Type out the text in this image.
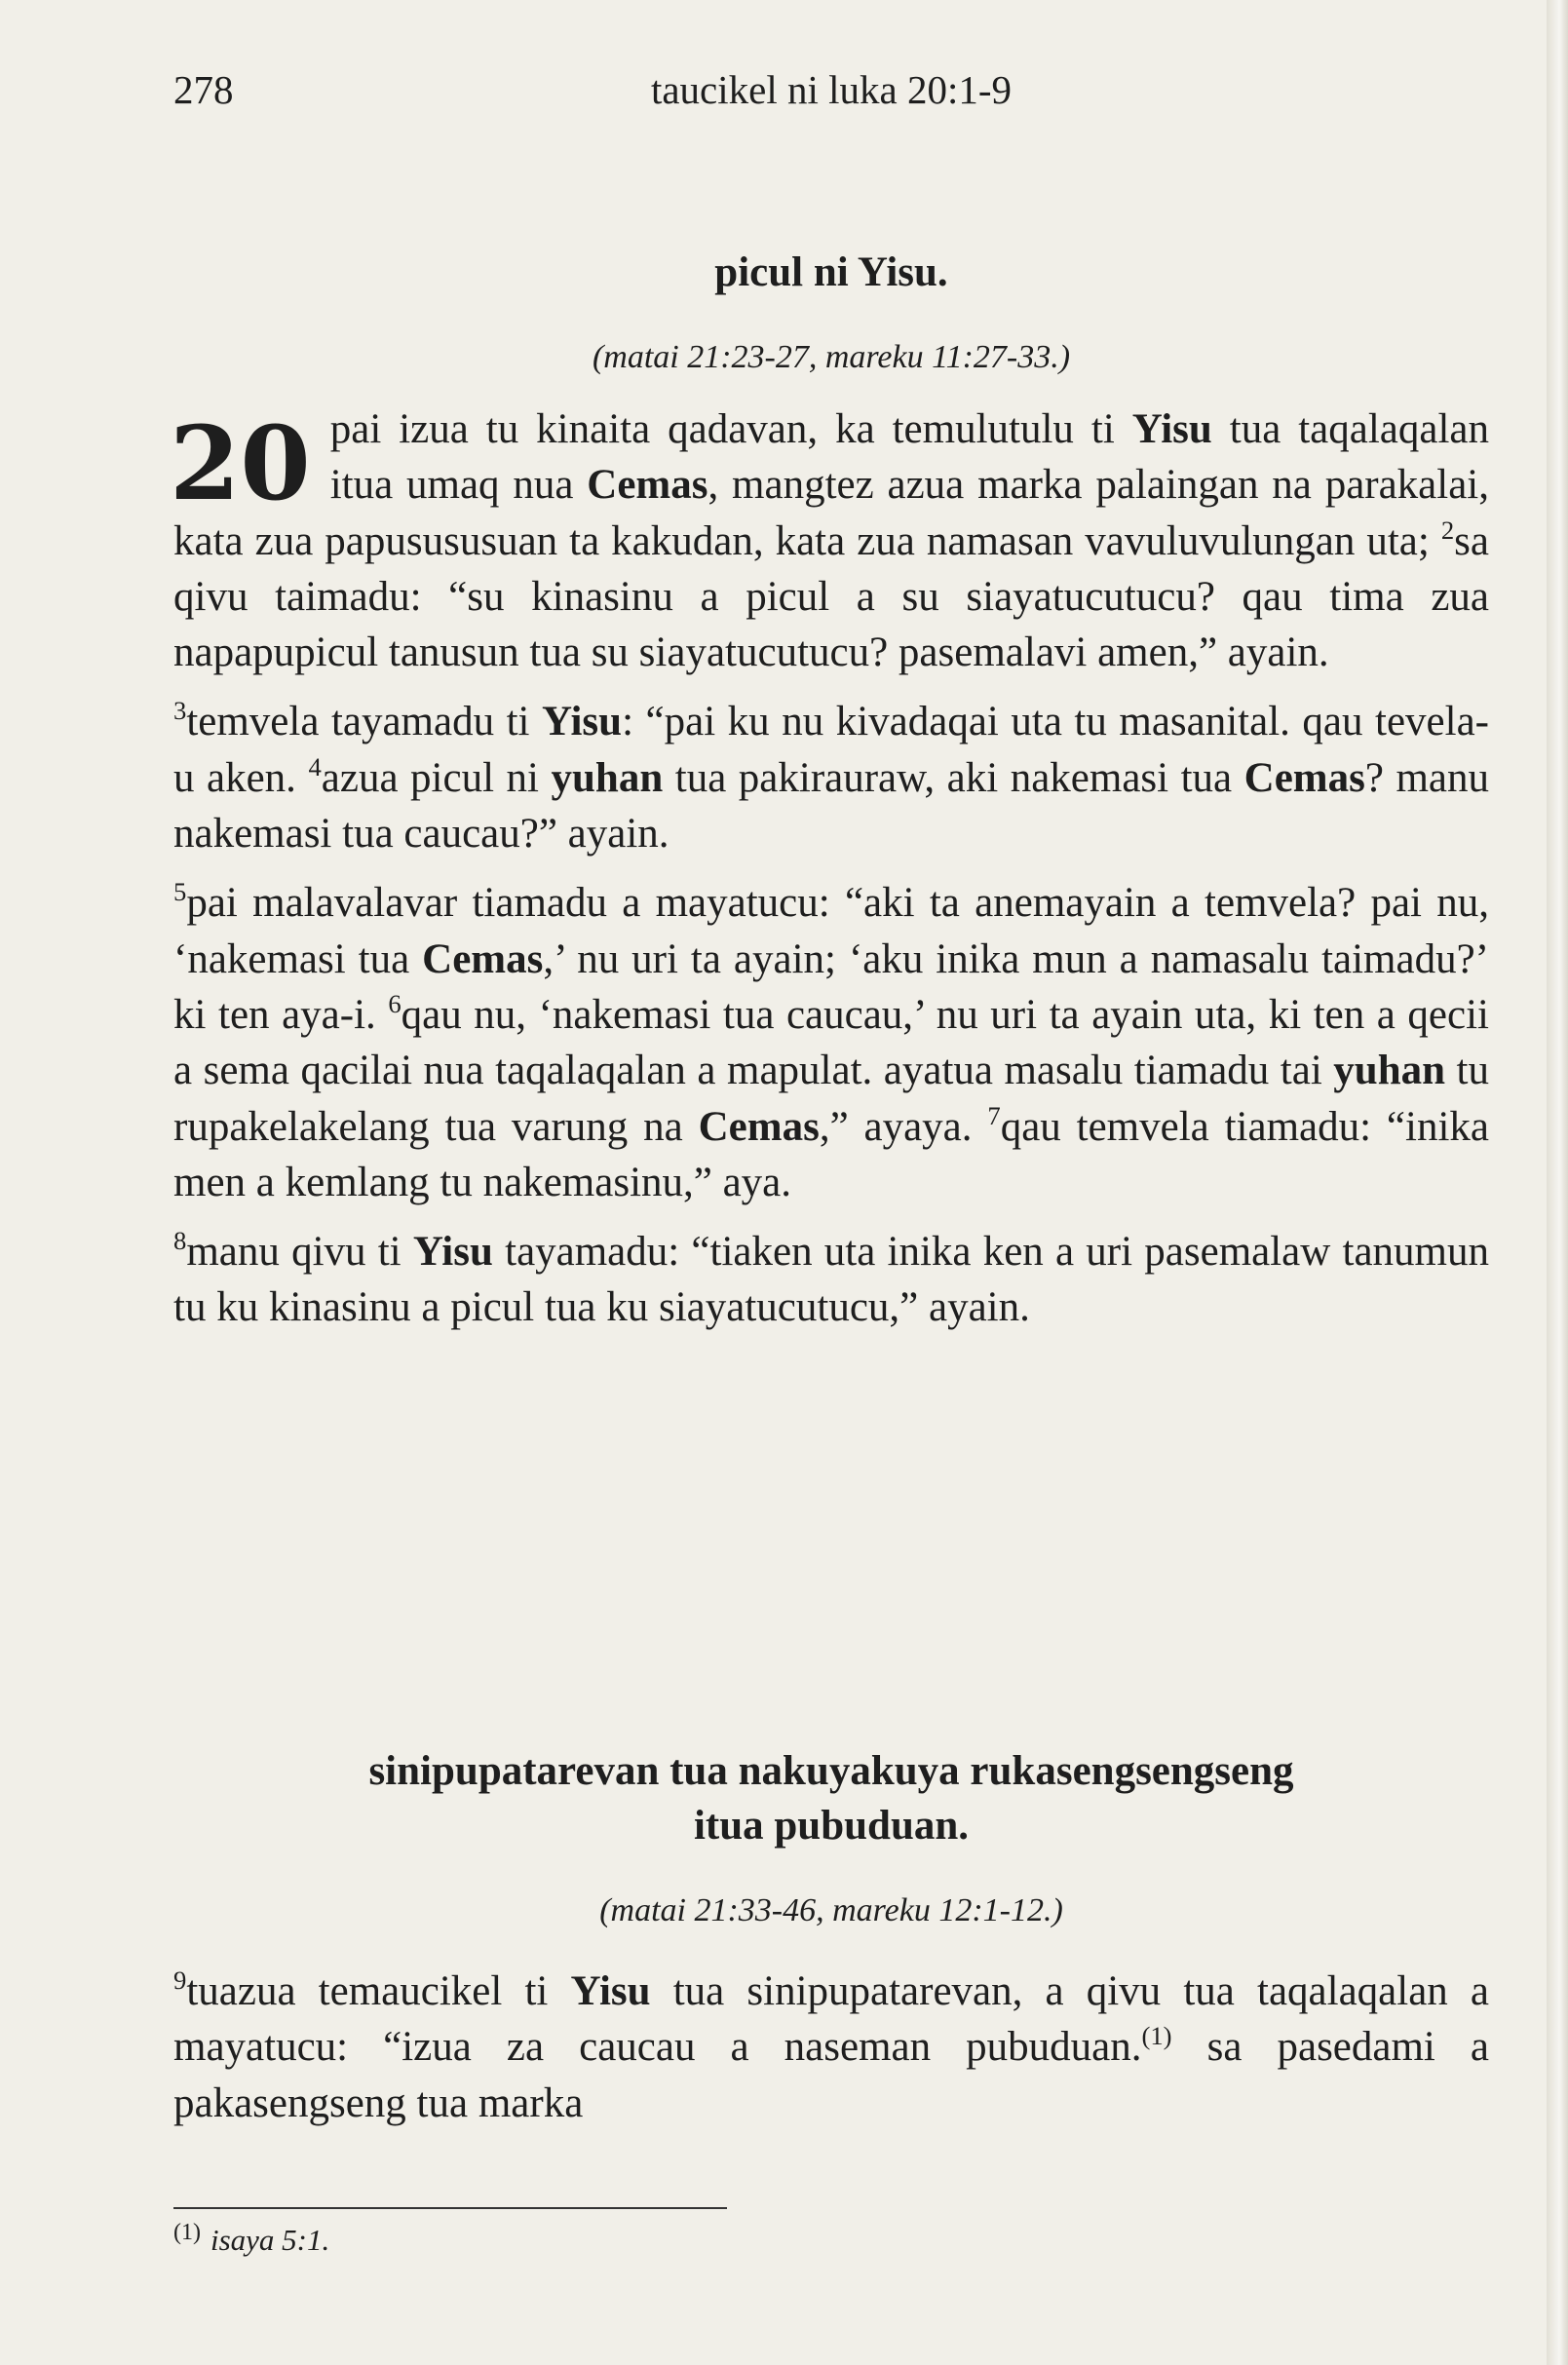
278	taucikel ni luka 20:1-9
picul ni Yisu.
(matai 21:23-27, mareku 11:27-33.)

20 pai izua tu kinaita qadavan, ka temulutulu ti Yisu tua taqalaqalan itua umaq nua Cemas, mangtez azua marka palaingan na parakalai, kata zua papusususuan ta kakudan, kata zua namasan vavuluvulungan uta; $^2$sa qivu taimadu: “su kinasinu a picul a su siayatucutucu? qau tima zua napapupicul tanusun tua su siayatucutucu? pasemalavi amen,” ayain.

$^3$temvela tayamadu ti Yisu: “pai ku nu kivadaqai uta tu masanital. qau tevela-u aken. $^4$azua picul ni yuhan tua pakirauraw, aki nakemasi tua Cemas? manu nakemasi tua caucau?” ayain.

$^5$pai malavalavar tiamadu a mayatucu: “aki ta anemayain a temvela? pai nu, ‘nakemasi tua Cemas,’ nu uri ta ayain; ‘aku inika mun a namasalu taimadu?’ ki ten aya-i. $^6$qau nu, ‘nakemasi tua caucau,’ nu uri ta ayain uta, ki ten a qecii a sema qacilai nua taqalaqalan a mapulat. ayatua masalu tiamadu tai yuhan tu rupakelakelang tua varung na Cemas,” ayaya. $^7$qau temvela tiamadu: “inika men a kemlang tu nakemasinu,” aya.

$^8$manu qivu ti Yisu tayamadu: “tiaken uta inika ken a uri pasemalaw tanumun tu ku kinasinu a picul tua ku siayatucutucu,” ayain.

sinipupatarevan tua nakuyakuya rukasengsengseng
itua pubuduan.
(matai 21:33-46, mareku 12:1-12.)

$^9$tuazua temaucikel ti Yisu tua sinipupatarevan, a qivu tua taqalaqalan a mayatucu: “izua za caucau a naseman pubuduan.$^{(1)}$ sa pasedami a pakasengseng tua marka

$^{(1)}$ isaya 5:1.
